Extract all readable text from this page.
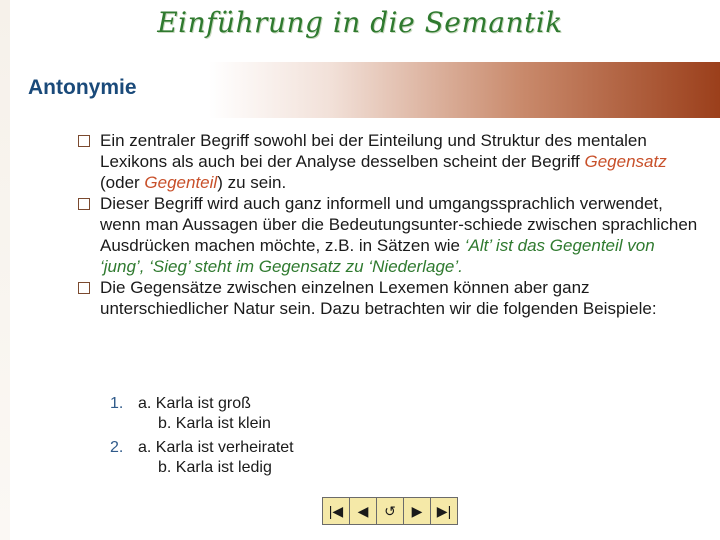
Einführung in die Semantik
Antonymie
Ein zentraler Begriff sowohl bei der Einteilung und Struktur des mentalen Lexikons als auch bei der Analyse desselben scheint der Begriff Gegensatz (oder Gegenteil) zu sein.
Dieser Begriff wird auch ganz informell und umgangssprachlich verwendet, wenn man Aussagen über die Bedeutungsunter-schiede zwischen sprachlichen Ausdrücken machen möchte, z.B. in Sätzen wie ‘Alt’ ist das Gegenteil von ‘jung’, ‘Sieg’ steht im Gegensatz zu ‘Niederlage’.
Die Gegensätze zwischen einzelnen Lexemen können aber ganz unterschiedlicher Natur sein. Dazu betrachten wir die folgenden Beispiele:
1. a. Karla ist groß
b. Karla ist klein
2. a. Karla ist verheiratet
b. Karla ist ledig
|◀ ◀ ↺ ▶ ▶|
